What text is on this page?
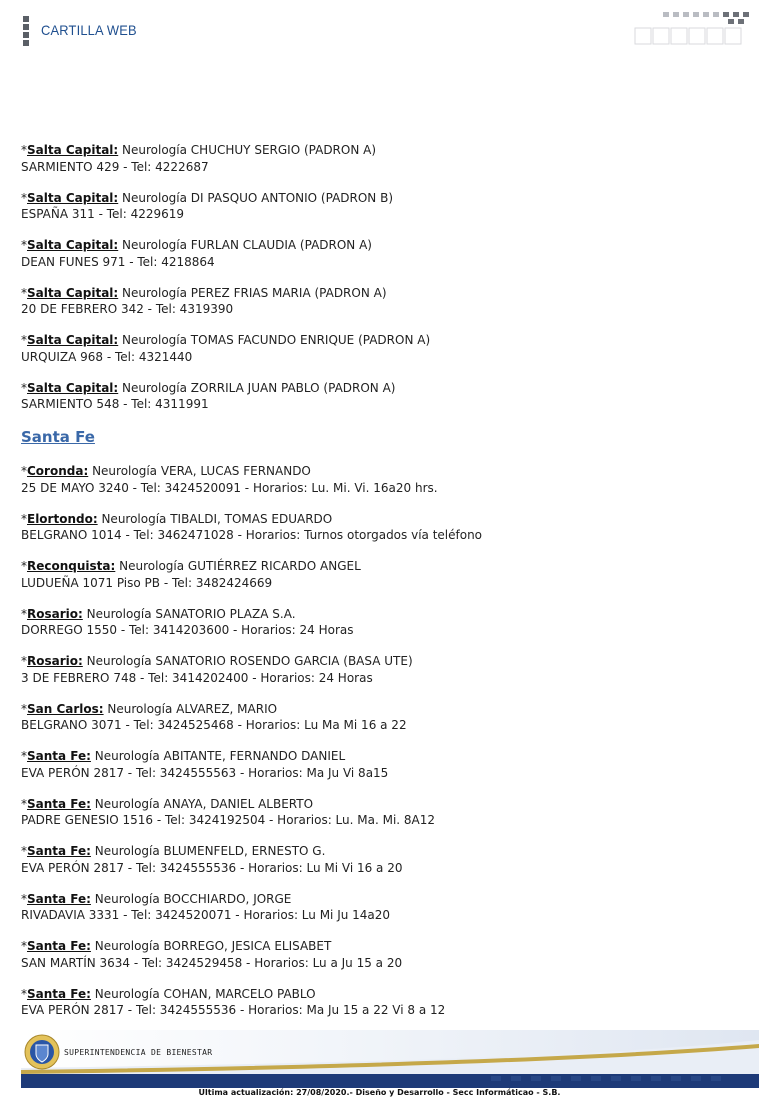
CARTILLA WEB
*Salta Capital: Neurología CHUCHUY SERGIO (PADRON A)
SARMIENTO 429 - Tel: 4222687
*Salta Capital: Neurología DI PASQUO ANTONIO (PADRON B)
ESPAÑA 311 - Tel: 4229619
*Salta Capital: Neurología FURLAN CLAUDIA (PADRON A)
DEAN FUNES 971 - Tel: 4218864
*Salta Capital: Neurología PEREZ FRIAS MARIA (PADRON A)
20 DE FEBRERO 342 - Tel: 4319390
*Salta Capital: Neurología TOMAS FACUNDO ENRIQUE (PADRON A)
URQUIZA 968 - Tel: 4321440
*Salta Capital: Neurología ZORRILA JUAN PABLO (PADRON A)
SARMIENTO 548 - Tel: 4311991
Santa Fe
*Coronda: Neurología VERA, LUCAS FERNANDO
25 DE MAYO 3240 - Tel: 3424520091 - Horarios: Lu. Mi. Vi. 16a20 hrs.
*Elortondo: Neurología TIBALDI, TOMAS EDUARDO
BELGRANO 1014 - Tel: 3462471028 - Horarios: Turnos otorgados vía teléfono
*Reconquista: Neurología GUTIÉRREZ RICARDO ANGEL
LUDUEÑA 1071 Piso PB - Tel: 3482424669
*Rosario: Neurología SANATORIO PLAZA S.A.
DORREGO 1550 - Tel: 3414203600 - Horarios: 24 Horas
*Rosario: Neurología SANATORIO ROSENDO GARCIA (BASA UTE)
3 DE FEBRERO 748 - Tel: 3414202400 - Horarios: 24 Horas
*San Carlos: Neurología ALVAREZ, MARIO
BELGRANO 3071 - Tel: 3424525468 - Horarios: Lu Ma Mi 16 a 22
*Santa Fe: Neurología ABITANTE, FERNANDO DANIEL
EVA PERÓN 2817 - Tel: 3424555563 - Horarios: Ma Ju Vi 8a15
*Santa Fe: Neurología ANAYA, DANIEL ALBERTO
PADRE GENESIO 1516 - Tel: 3424192504 - Horarios: Lu. Ma. Mi. 8A12
*Santa Fe: Neurología BLUMENFELD, ERNESTO G.
EVA PERÓN 2817 - Tel: 3424555536 - Horarios: Lu Mi Vi 16 a 20
*Santa Fe: Neurología BOCCHIARDO, JORGE
RIVADAVIA 3331 - Tel: 3424520071 - Horarios: Lu Mi Ju 14a20
*Santa Fe: Neurología BORREGO, JESICA ELISABET
SAN MARTÍN 3634 - Tel: 3424529458 - Horarios: Lu a Ju 15 a 20
*Santa Fe: Neurología COHAN, MARCELO PABLO
EVA PERÓN 2817 - Tel: 3424555536 - Horarios: Ma Ju 15 a 22 Vi 8 a 12
SUPERINTENDENCIA DE BIENESTAR
Ultima actualización: 27/08/2020.- Diseño y Desarrollo - Secc Informáticao - S.B.
